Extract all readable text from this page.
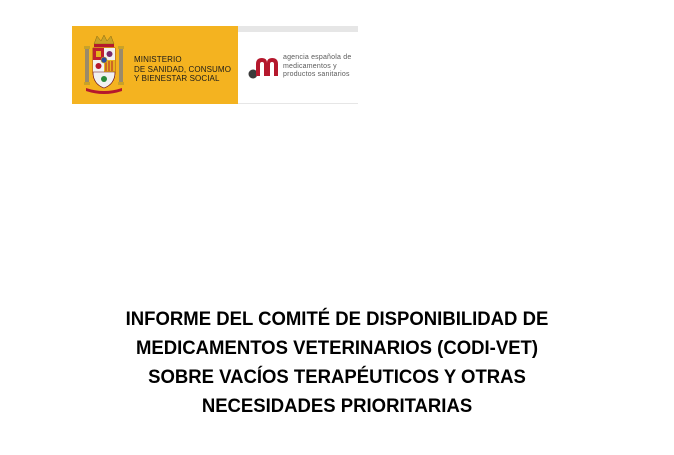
MINISTERIO
DE SANIDAD, CONSUMO
Y BIENESTAR SOCIAL
agencia española de
medicamentos y
productos sanitarios
INFORME DEL COMITÉ DE DISPONIBILIDAD DE
MEDICAMENTOS VETERINARIOS (CODI-VET)
SOBRE VACÍOS TERAPÉUTICOS Y OTRAS
NECESIDADES PRIORITARIAS
